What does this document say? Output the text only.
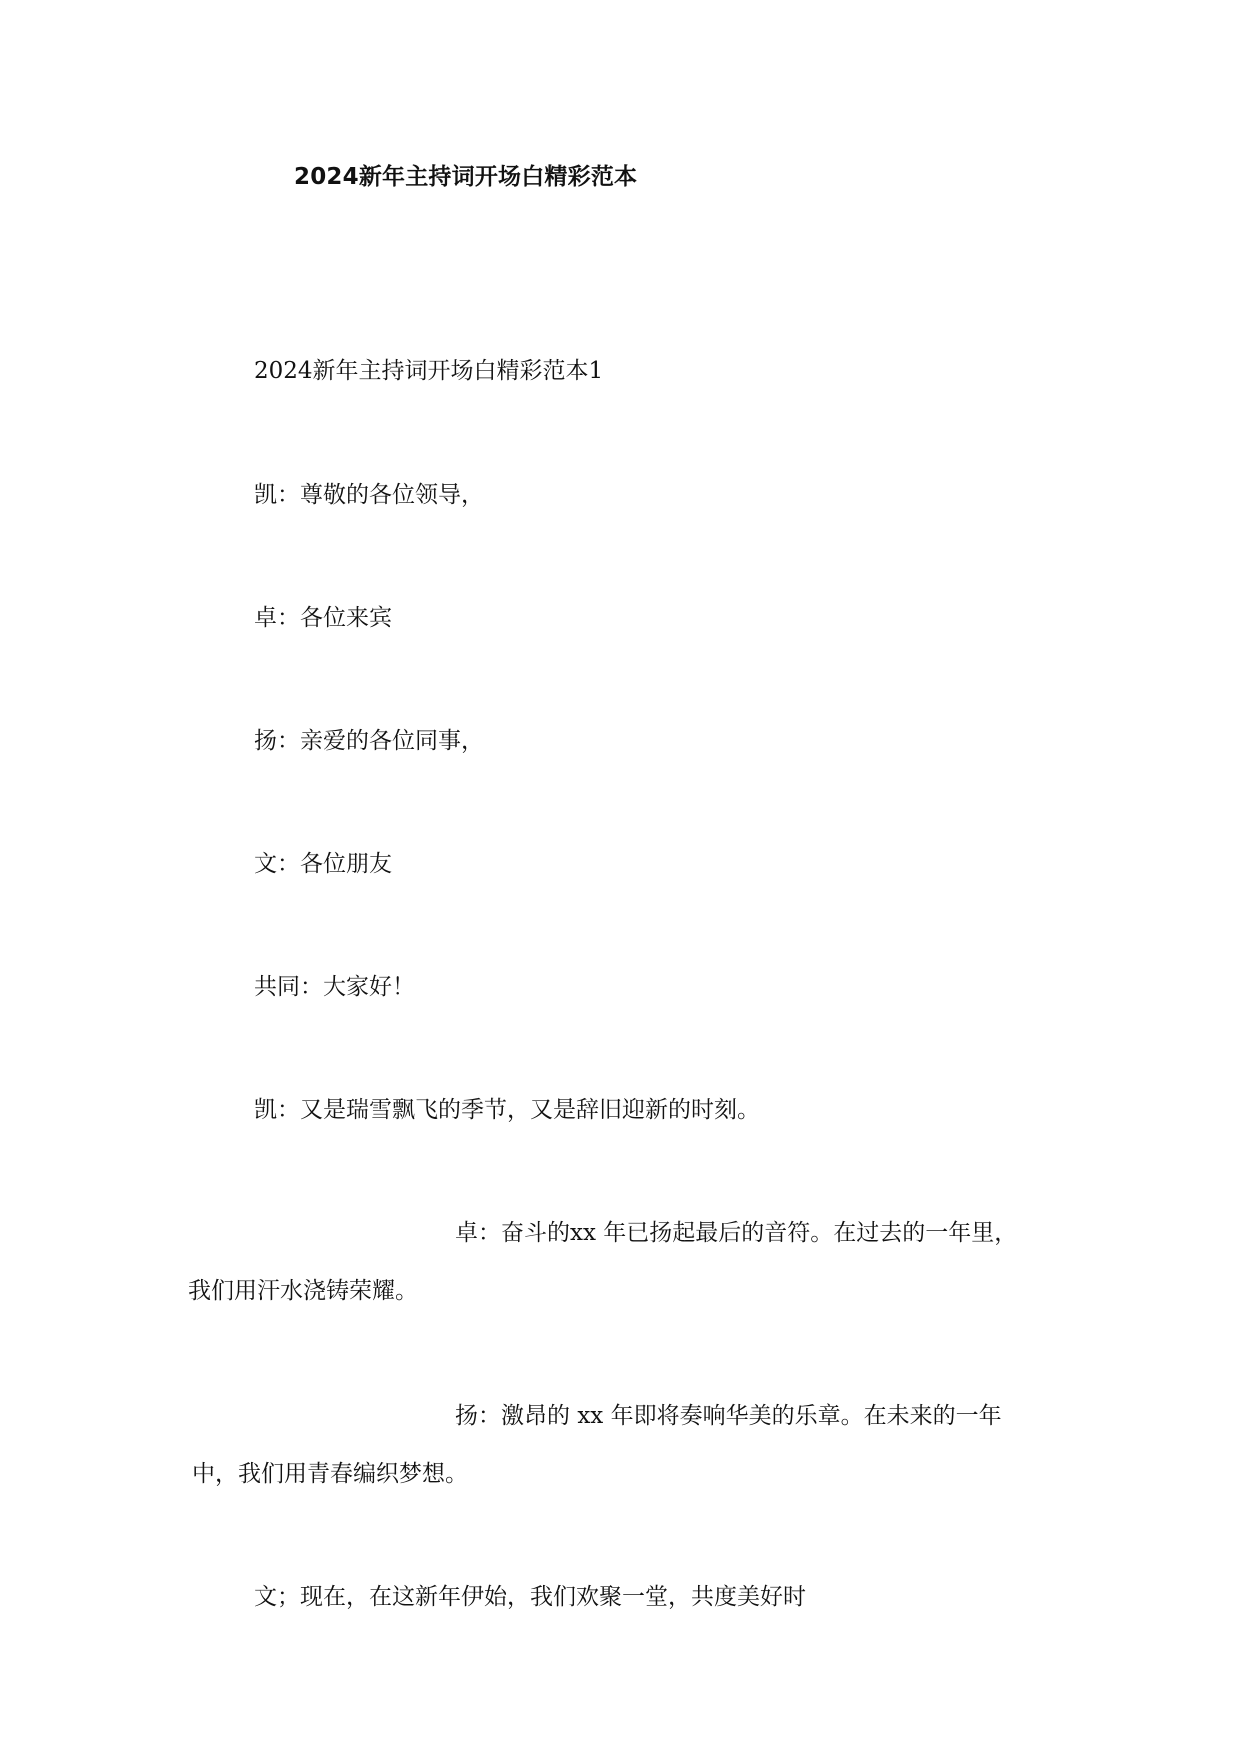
2024新年主持词开场白精彩范本
2024新年主持词开场白精彩范本1
凯：尊敬的各位领导，
卓：各位来宾
扬：亲爱的各位同事，
文：各位朋友
共同：大家好！
凯：又是瑞雪飘飞的季节，又是辞旧迎新的时刻。
卓：奋斗的xx 年已扬起最后的音符。在过去的一年里，
我们用汗水浇铸荣耀。
扬：激昂的 xx 年即将奏响华美的乐章。在未来的一年
中，我们用青春编织梦想。
文；现在，在这新年伊始，我们欢聚一堂，共度美好时
